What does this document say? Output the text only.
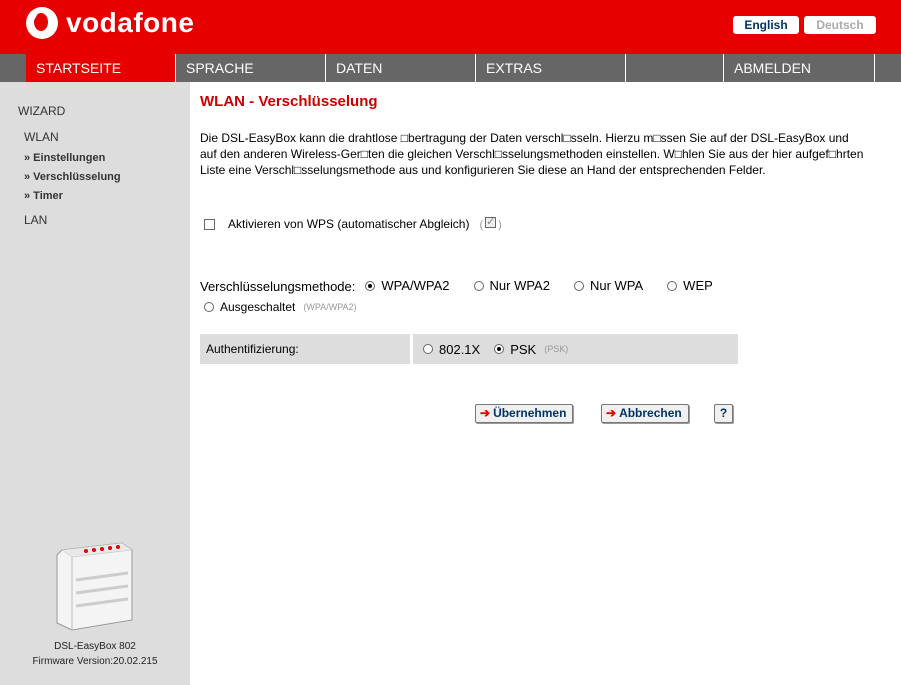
vodafone	English	Deutsch
STARTSEITE	SPRACHE	DATEN	EXTRAS	ABMELDEN
WIZARD
WLAN
» Einstellungen
» Verschlüsselung
» Timer
LAN
DSL-EasyBox 802
Firmware Version:20.02.215
WLAN - Verschlüsselung
Die DSL-EasyBox kann die drahtlose □bertragung der Daten verschl□sseln. Hierzu m□ssen Sie auf der DSL-EasyBox und auf den anderen Wireless-Ger□ten die gleichen Verschl□sselungsmethoden einstellen. W□hlen Sie aus der hier aufgef□hrten Liste eine Verschl□sselungsmethode aus und konfigurieren Sie diese an Hand der entsprechenden Felder.
Aktivieren von WPS (automatischer Abgleich) (✓ )
Verschlüsselungsmethode: WPA/WPA2	Nur WPA2	Nur WPA	WEP

Ausgeschaltet (WPA/WPA2)
Authentifizierung:	802.1X PSK (PSK)
➔ Übernehmen	➔ Abbrechen	?
